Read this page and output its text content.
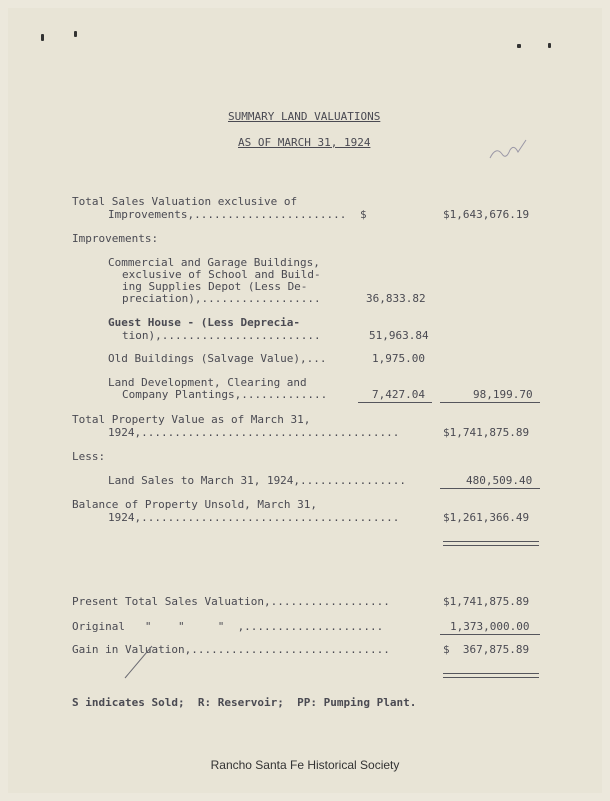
SUMMARY LAND VALUATIONS
AS OF MARCH 31, 1924
Total Sales Valuation exclusive of
Improvements,....................... $	$1,643,676.19
Improvements:
Commercial and Garage Buildings,
exclusive of School and Build-
ing Supplies Depot (Less De-
preciation),..................	36,833.82
Guest House - (Less Deprecia-
tion),........................	51,963.84
Old Buildings (Salvage Value),...	1,975.00
Land Development, Clearing and
Company Plantings,.............	7,427.04	98,199.70
Total Property Value as of March 31,
1924,.......................................	$1,741,875.89
Less:
Land Sales to March 31, 1924,................	480,509.40
Balance of Property Unsold, March 31,
1924,.......................................	$1,261,366.49
Present Total Sales Valuation,..................	$1,741,875.89
Original   "    "     "  ,.....................	1,373,000.00
Gain in Valuation,..............................	$  367,875.89
S indicates Sold;  R: Reservoir;  PP: Pumping Plant.
Rancho Santa Fe Historical Society
